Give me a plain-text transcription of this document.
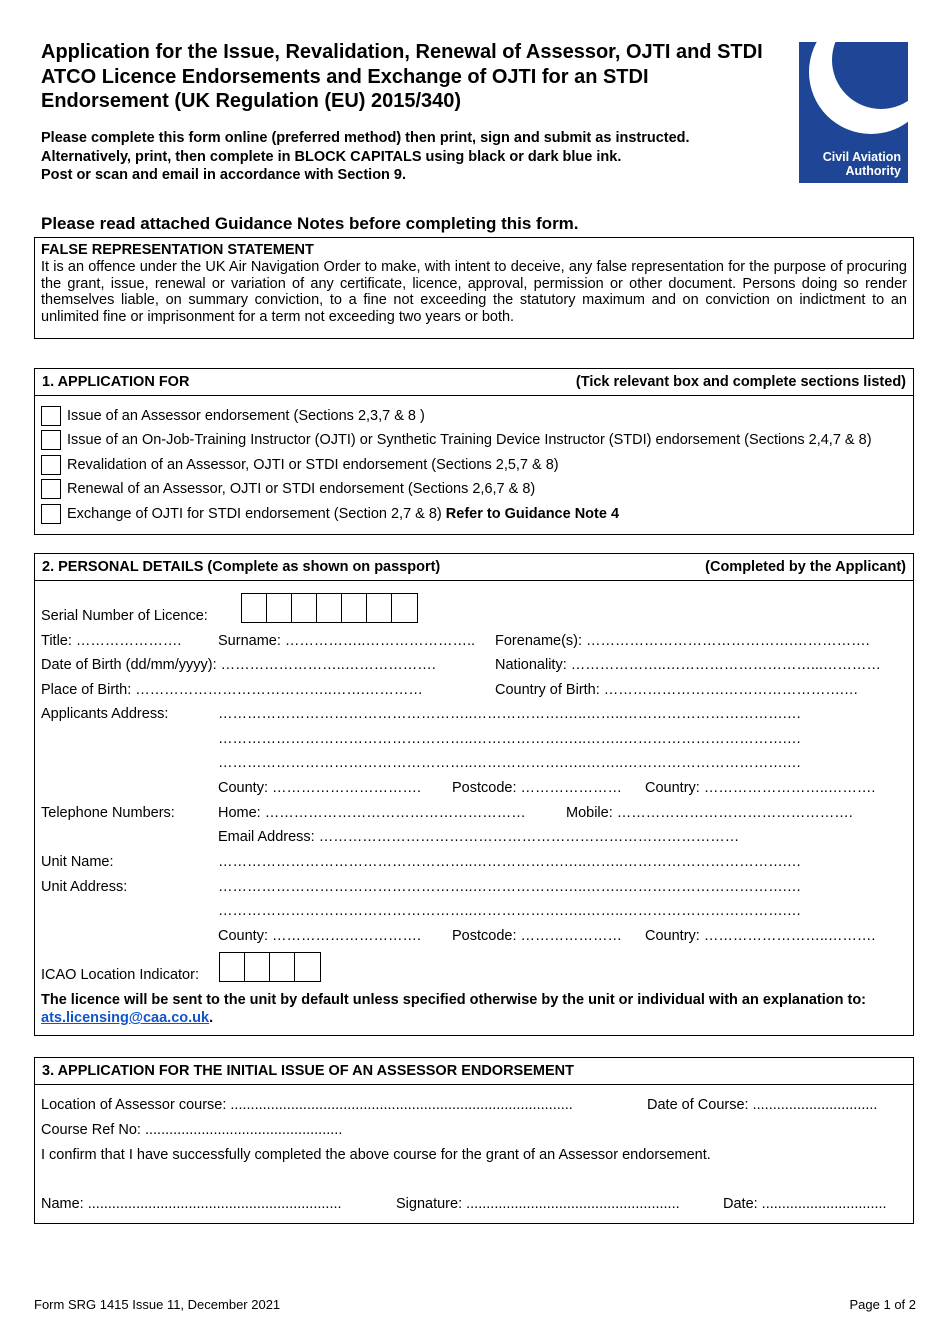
Application for the Issue, Revalidation, Renewal of Assessor, OJTI and STDI ATCO Licence Endorsements and Exchange of OJTI for an STDI Endorsement (UK Regulation (EU) 2015/340)
Please complete this form online (preferred method) then print, sign and submit as instructed.
Alternatively, print, then complete in BLOCK CAPITALS using black or dark blue ink.
Post or scan and email in accordance with Section 9.
Civil Aviation
Authority
Please read attached Guidance Notes before completing this form.
FALSE REPRESENTATION STATEMENT
It is an offence under the UK Air Navigation Order to make, with intent to deceive, any false representation for the purpose of procuring the grant, issue, renewal or variation of any certificate, licence, approval, permission or other document. Persons doing so render themselves liable, on summary conviction, to a fine not exceeding the statutory maximum and on conviction on indictment to an unlimited fine or imprisonment for a term not exceeding two years or both.
1. APPLICATION FOR	(Tick relevant box and complete sections listed)
Issue of an Assessor endorsement (Sections 2,3,7 & 8 )
Issue of an On-Job-Training Instructor (OJTI) or Synthetic Training Device Instructor (STDI) endorsement (Sections 2,4,7 & 8)
Revalidation of an Assessor, OJTI or STDI endorsement (Sections 2,5,7 & 8)
Renewal of an Assessor, OJTI or STDI endorsement (Sections 2,6,7 & 8)
Exchange of OJTI for STDI endorsement (Section 2,7 & 8) Refer to Guidance Note 4
2. PERSONAL DETAILS (Complete as shown on passport)	(Completed by the Applicant)
Serial Number of Licence:
Title: ………………….	Surname: ……………..………………….. Forename(s): …………………………………….…………….
Date of Birth (dd/mm/yyyy): ……………………..……………….	Nationality: ………………..…………………………...…………
Place of Birth: …………………………………..…….…………	Country of Birth: …………………….…………………….…
Applicants Address:	……………………………………………..……………….…..……..…………………………….…
……………………………………………..……………….…..……..…………………………….…
……………………………………………..……………….…..……..…………………………….…
County: …………………………. Postcode: ………………… Country: ……………………..……….
Telephone Numbers:	Home: ………………………………………………	Mobile: ………………………………………….
Email Address: ……………………………………………………………………………
Unit Name:	……………………………………………..……………….…..……..…………………………….…
Unit Address:	……………………………………………..……………….…..……..…………………………….…
……………………………………………..……………….…..……..…………………………….…
County: …………………………. Postcode: ………………… Country: ……………………..……….
ICAO Location Indicator:
The licence will be sent to the unit by default unless specified otherwise by the unit or individual with an explanation to: ats.licensing@caa.co.uk.
3. APPLICATION FOR THE INITIAL ISSUE OF AN ASSESSOR ENDORSEMENT
Location of Assessor course: .....................................................................................	Date of Course: ...............................
Course Ref No: .................................................
I confirm that I have successfully completed the above course for the grant of an Assessor endorsement.
Name: ...............................................................	Signature: .....................................................	Date: ...............................
Form SRG 1415 Issue 11, December 2021	Page 1 of 2
